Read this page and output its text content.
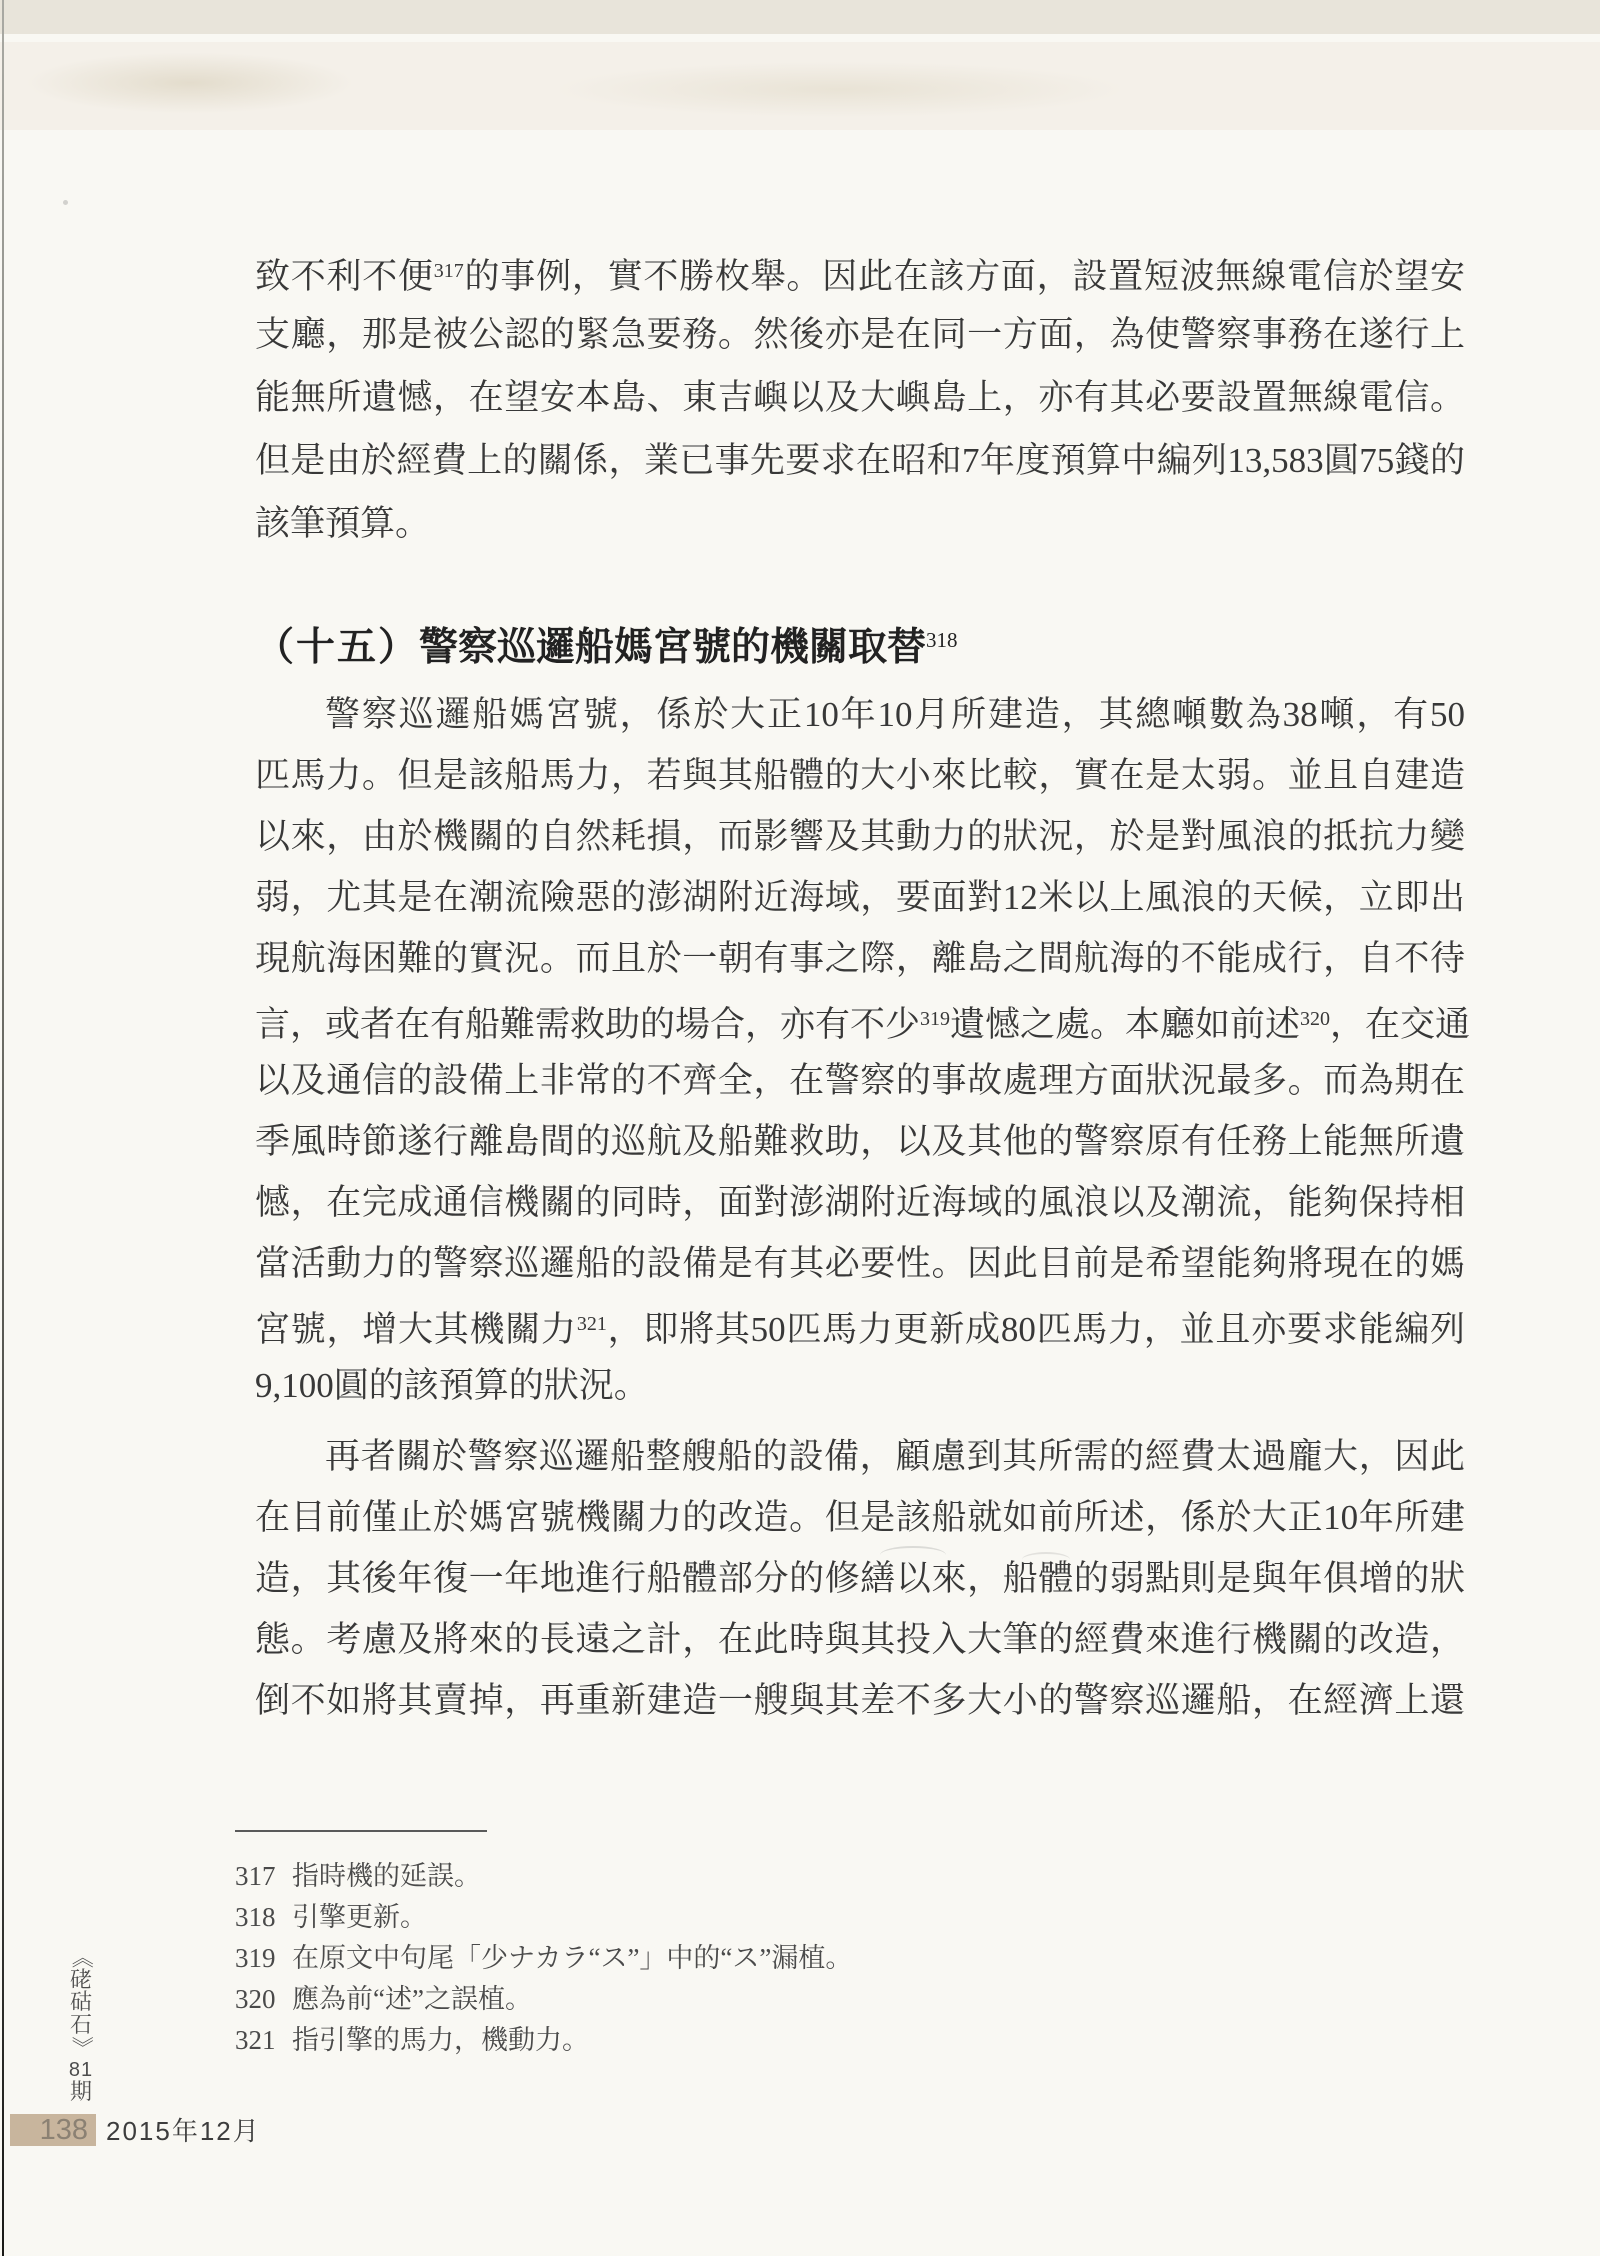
致不利不便$^{317}$的事例，實不勝枚舉。因此在該方面，設置短波無線電信於望安
支廳，那是被公認的緊急要務。然後亦是在同一方面，為使警察事務在遂行上
能無所遺憾，在望安本島、東吉嶼以及大嶼島上，亦有其必要設置無線電信。
但是由於經費上的關係，業已事先要求在昭和7年度預算中編列13,583圓75錢的
該筆預算。
（十五）警察巡邏船媽宮號的機關取替$^{318}$
警察巡邏船媽宮號，係於大正10年10月所建造，其總噸數為38噸，有50
匹馬力。但是該船馬力，若與其船體的大小來比較，實在是太弱。並且自建造
以來，由於機關的自然耗損，而影響及其動力的狀況，於是對風浪的抵抗力變
弱，尤其是在潮流險惡的澎湖附近海域，要面對12米以上風浪的天候，立即出
現航海困難的實況。而且於一朝有事之際，離島之間航海的不能成行，自不待
言，或者在有船難需救助的場合，亦有不少$^{319}$遺憾之處。本廳如前述$^{320}$，在交通
以及通信的設備上非常的不齊全，在警察的事故處理方面狀況最多。而為期在
季風時節遂行離島間的巡航及船難救助，以及其他的警察原有任務上能無所遺
憾，在完成通信機關的同時，面對澎湖附近海域的風浪以及潮流，能夠保持相
當活動力的警察巡邏船的設備是有其必要性。因此目前是希望能夠將現在的媽
宮號，增大其機關力$^{321}$，即將其50匹馬力更新成80匹馬力，並且亦要求能編列
9,100圓的該預算的狀況。
再者關於警察巡邏船整艘船的設備，顧慮到其所需的經費太過龐大，因此
在目前僅止於媽宮號機關力的改造。但是該船就如前所述，係於大正10年所建
造，其後年復一年地進行船體部分的修繕以來，船體的弱點則是與年俱增的狀
態。考慮及將來的長遠之計，在此時與其投入大筆的經費來進行機關的改造，
倒不如將其賣掉，再重新建造一艘與其差不多大小的警察巡邏船，在經濟上還
317 指時機的延誤。
318 引擎更新。
319 在原文中句尾「少ナカラ“ス”」中的“ス”漏植。
320 應為前“述”之誤植。
321 指引擎的馬力，機動力。
《
硓
𥑮
石
》
81
期
138 2015年12月
